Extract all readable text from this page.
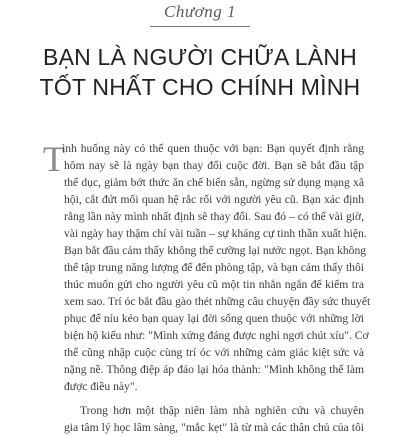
Chương 1
BẠN LÀ NGƯỜI CHỮA LÀNH
TỐT NHẤT CHO CHÍNH MÌNH
T
ình huống này có thể quen thuộc với bạn: Bạn quyết định rằng
hôm nay sẽ là ngày bạn thay đổi cuộc đời. Bạn sẽ bắt đầu tập
thể dục, giảm bớt thức ăn chế biến sẵn, ngừng sử dụng mạng xã
hội, cắt đứt mối quan hệ rắc rối với người yêu cũ. Bạn xác định
rằng lần này mình nhất định sẽ thay đổi. Sau đó – có thể vài giờ,
vài ngày hay thậm chí vài tuần – sự kháng cự tinh thần xuất hiện.
Bạn bắt đầu cảm thấy không thể cưỡng lại nước ngọt. Bạn không
thể tập trung năng lượng để đến phòng tập, và bạn cảm thấy thôi
thúc muốn gửi cho người yêu cũ một tin nhắn ngắn để kiểm tra
xem sao. Trí óc bắt đầu gào thét những câu chuyện đầy sức thuyết
phục để níu kéo bạn quay lại đời sống quen thuộc với những lời
biện hộ kiểu như: "Mình xứng đáng được nghỉ ngơi chút xíu". Cơ
thể cũng nhập cuộc cùng trí óc với những cảm giác kiệt sức và
nặng nề. Thông điệp áp đảo lại hóa thành: "Mình không thể làm
được điều này".
Trong hơn một thập niên làm nhà nghiên cứu và chuyên
gia tâm lý học lâm sàng, "mắc kẹt" là từ mà các thân chủ của tôi
